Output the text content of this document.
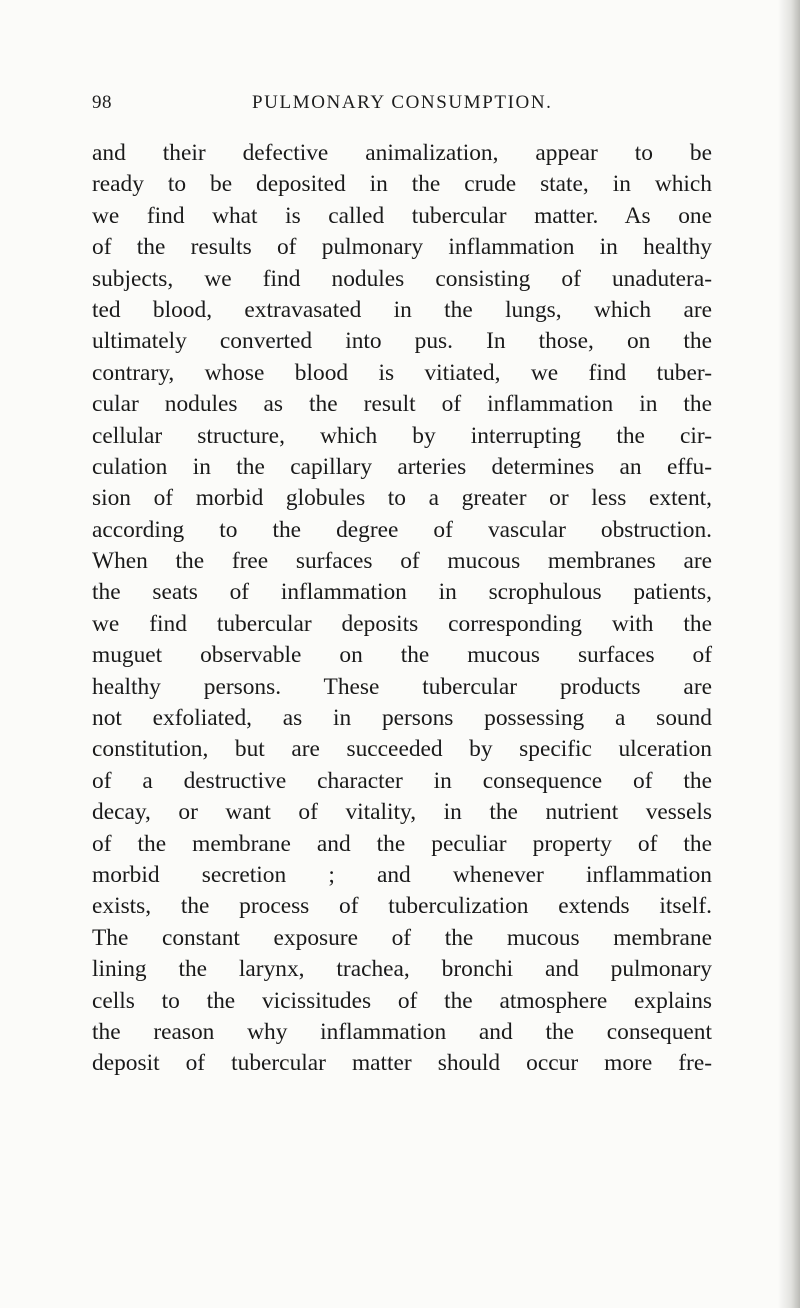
98	PULMONARY CONSUMPTION.
and their defective animalization, appear to be
ready to be deposited in the crude state, in which
we find what is called tubercular matter. As one
of the results of pulmonary inflammation in healthy
subjects, we find nodules consisting of unadutera-
ted blood, extravasated in the lungs, which are
ultimately converted into pus. In those, on the
contrary, whose blood is vitiated, we find tuber-
cular nodules as the result of inflammation in the
cellular structure, which by interrupting the cir-
culation in the capillary arteries determines an effu-
sion of morbid globules to a greater or less extent,
according to the degree of vascular obstruction.
When the free surfaces of mucous membranes are
the seats of inflammation in scrophulous patients,
we find tubercular deposits corresponding with the
muguet observable on the mucous surfaces of
healthy persons. These tubercular products are
not exfoliated, as in persons possessing a sound
constitution, but are succeeded by specific ulceration
of a destructive character in consequence of the
decay, or want of vitality, in the nutrient vessels
of the membrane and the peculiar property of the
morbid secretion ; and whenever inflammation
exists, the process of tuberculization extends itself.
The constant exposure of the mucous membrane
lining the larynx, trachea, bronchi and pulmonary
cells to the vicissitudes of the atmosphere explains
the reason why inflammation and the consequent
deposit of tubercular matter should occur more fre-
